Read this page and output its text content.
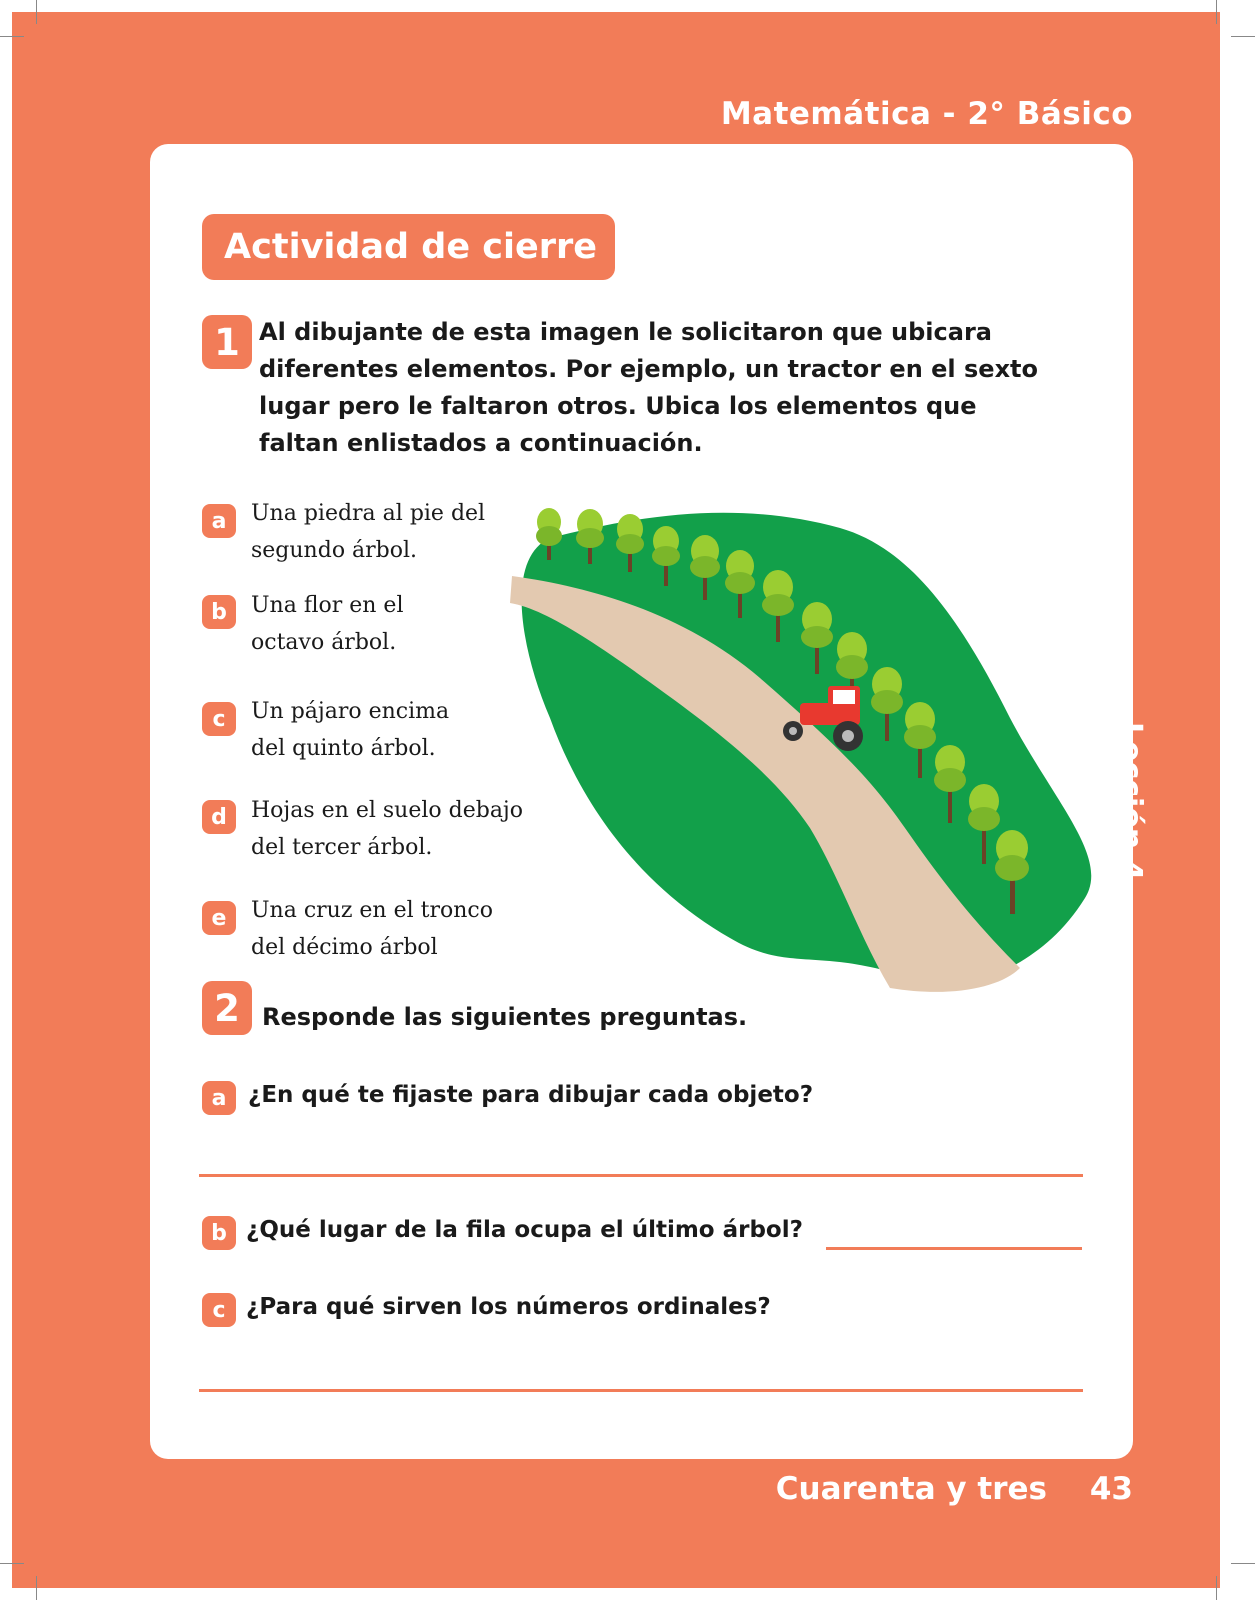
Matemática - 2° Básico
Actividad de cierre
1 Al dibujante de esta imagen le solicitaron que ubicara diferentes elementos. Por ejemplo, un tractor en el sexto lugar pero le faltaron otros. Ubica los elementos que faltan enlistados a continuación.
a	Una piedra al pie del
segundo árbol.
b	Una flor en el
octavo árbol.
c	Un pájaro encima
del quinto árbol.
d	Hojas en el suelo debajo
del tercer árbol.
e	Una cruz en el tronco
del décimo árbol
2 Responde las siguientes preguntas.
a ¿En qué te fijaste para dibujar cada objeto?
b ¿Qué lugar de la fila ocupa el último árbol?
c ¿Para qué sirven los números ordinales?
Lección 4
Cuarenta y tres 43
